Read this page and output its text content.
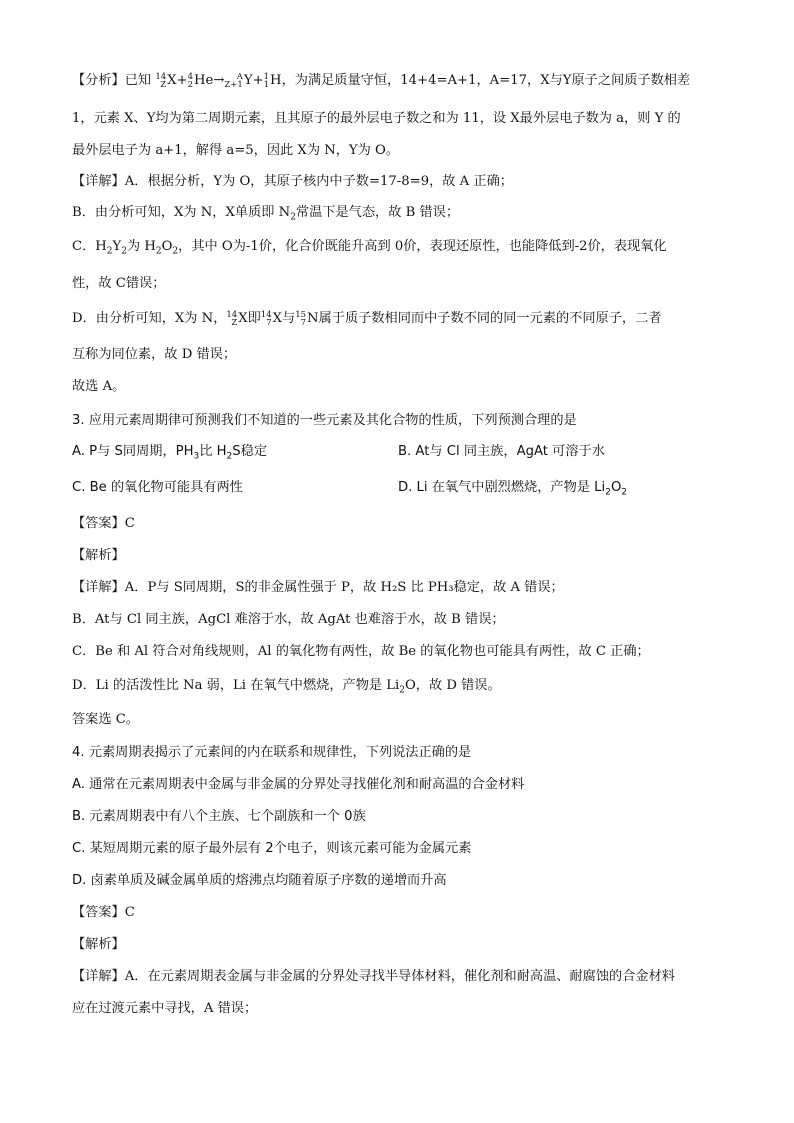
【分析】已知 14
Z X+ 4
2 He→	A
Z+1 Y+ 1
1 H，为满足质量守恒，14+4=A+1，A=17，X与Y原子之间质子数相差
1，元素 X、Y均为第二周期元素，且其原子的最外层电子数之和为 11，设 X最外层电子数为 a，则 Y 的
最外层电子为 a+1，解得 a=5，因此 X为 N，Y为 O。
【详解】A．根据分析，Y为 O，其原子核内中子数=17-8=9，故 A 正确；
B．由分析可知，X为 N，X单质即 $N_2$常温下是气态，故 B 错误；
C．$H_2Y_2$为 $H_2O_2$，其中 O为-1价，化合价既能升高到 0价，表现还原性，也能降低到-2价，表现氧化
性，故 C错误；
D．由分析可知，X为 N， 14
Z X即 14
7 X与 15
7 N属于质子数相同而中子数不同的同一元素的不同原子，二者
互称为同位素，故 D 错误；
故选 A。
3. 应用元素周期律可预测我们不知道的一些元素及其化合物的性质，下列预测合理的是
A. P与 S同周期，$PH_3$比 $H_2S$稳定	B. At与 Cl 同主族，AgAt 可溶于水
C. Be 的氧化物可能具有两性	D. Li 在氧气中剧烈燃烧，产物是 $Li_2O_2$
【答案】C
【解析】
【详解】A．P与 S同周期，S的非金属性强于 P，故 H₂S 比 PH₃稳定，故 A 错误；
B．At与 Cl 同主族，AgCl 难溶于水，故 AgAt 也难溶于水，故 B 错误；
C．Be 和 Al 符合对角线规则，Al 的氧化物有两性，故 Be 的氧化物也可能具有两性，故 C 正确；
D．Li 的活泼性比 Na 弱，Li 在氧气中燃烧，产物是 $Li_2O$，故 D 错误。
答案选 C。
4. 元素周期表揭示了元素间的内在联系和规律性，下列说法正确的是
A. 通常在元素周期表中金属与非金属的分界处寻找催化剂和耐高温的合金材料
B. 元素周期表中有八个主族、七个副族和一个 0族
C. 某短周期元素的原子最外层有 2个电子，则该元素可能为金属元素
D. 卤素单质及碱金属单质的熔沸点均随着原子序数的递增而升高
【答案】C
【解析】
【详解】A．在元素周期表金属与非金属的分界处寻找半导体材料，催化剂和耐高温、耐腐蚀的合金材料
应在过渡元素中寻找，A 错误；
